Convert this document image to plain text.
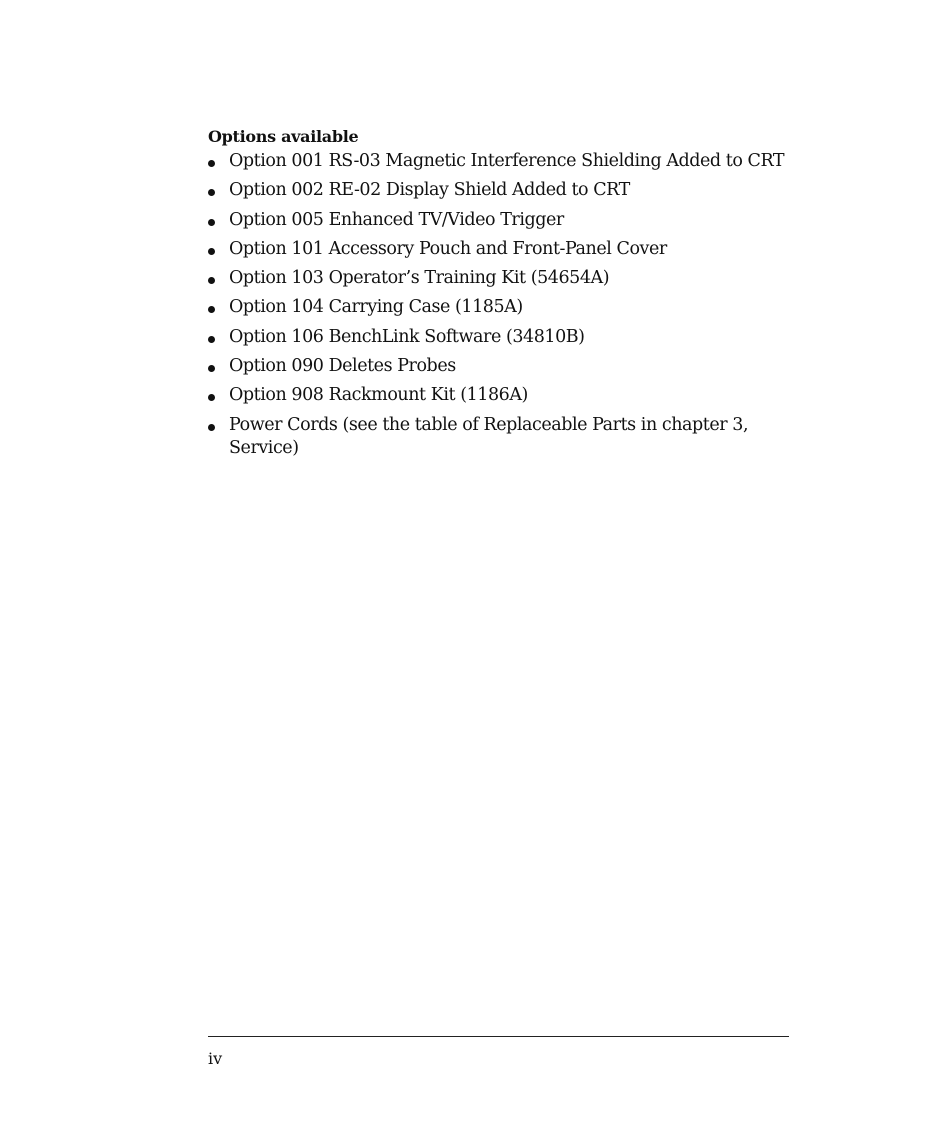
Options available
Option 001 RS-03 Magnetic Interference Shielding Added to CRT
Option 002 RE-02 Display Shield Added to CRT
Option 005 Enhanced TV/Video Trigger
Option 101 Accessory Pouch and Front-Panel Cover
Option 103 Operator’s Training Kit (54654A)
Option 104 Carrying Case (1185A)
Option 106 BenchLink Software (34810B)
Option 090 Deletes Probes
Option 908 Rackmount Kit (1186A)
Power Cords (see the table of Replaceable Parts in chapter 3, Service)
iv
